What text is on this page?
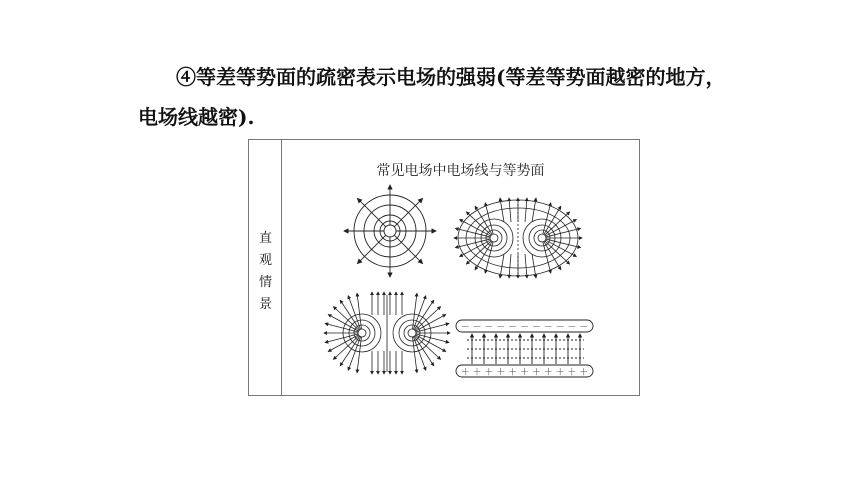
④等差等势面的疏密表示电场的强弱(等差等势面越密的地方，

电场线越密).

直
观
情
景
常见电场中电场线与等势面
－ － － － － － － － － － －
＋ ＋ ＋ ＋ ＋ ＋ ＋ ＋ ＋ ＋ ＋
